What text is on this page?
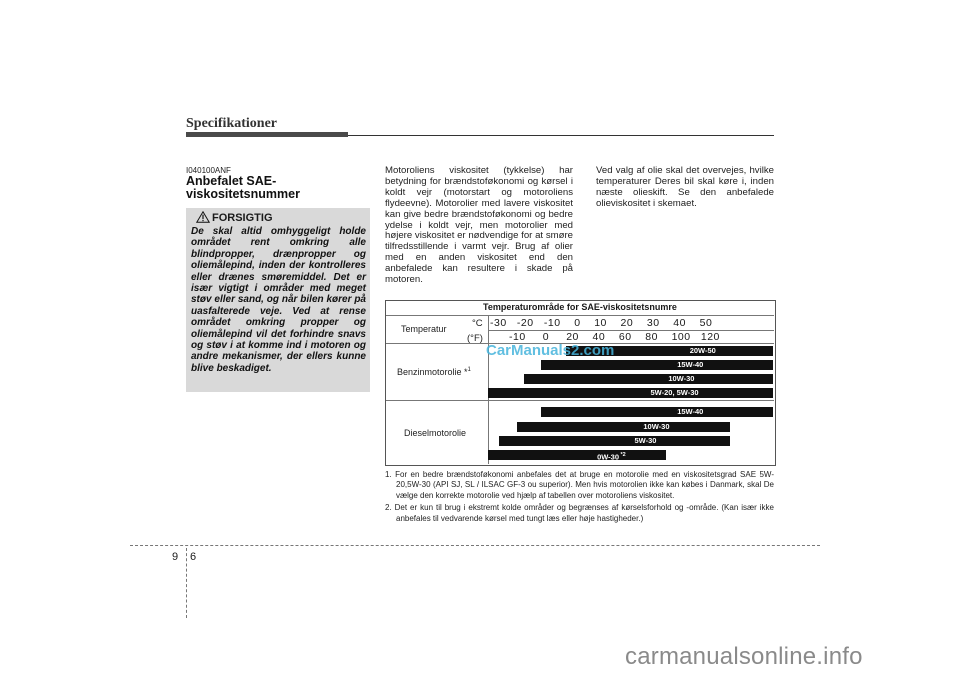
Specifikationer
I040100ANF
Anbefalet SAE-viskositetsnummer
FORSIGTIG
De skal altid omhyggeligt holde området rent omkring alle blindpropper, drænpropper og oliemålepind, inden der kontrolleres eller drænes smøremiddel. Det er især vigtigt i områder med meget støv eller sand, og når bilen kører på uasfalterede veje. Ved at rense området omkring propper og oliemålepind vil det forhindre snavs og støv i at komme ind i motoren og andre mekanismer, der ellers kunne blive beskadiget.
Motoroliens viskositet (tykkelse) har betydning for brændstoføkonomi og kørsel i koldt vejr (motorstart og motoroliens flydeevne). Motorolier med lavere viskositet kan give bedre brændstoføkonomi og bedre ydelse i koldt vejr, men motorolier med højere viskositet er nødvendige for at smøre tilfredsstillende i varmt vejr. Brug af olier med en anden viskositet end den anbefalede kan resultere i skade på motoren.
Ved valg af olie skal det overvejes, hvilke temperaturer Deres bil skal køre i, inden næste olieskift. Se den anbefalede olieviskositet i skemaet.
Temperaturområde for SAE-viskositetsnumre
Temperatur	°C
(°F)
-30   -20   -10    0    10    20    30    40    50
-10     0     20    40    60    80    100   120
Benzinmotorolie *$^1$
Dieselmotorolie
20W-50
15W-40
10W-30
5W-20, 5W-30
15W-40
10W-30
5W-30
0W-30 $^{*2}$
CarManuals2.com
1. For en bedre brændstoføkonomi anbefales det at bruge en motorolie med en viskositetsgrad SAE 5W-20,5W-30 (API SJ, SL / ILSAC GF-3 ou superior). Men hvis motorolien ikke kan købes i Danmark, skal De vælge den korrekte motorolie ved hjælp af tabellen over motoroliens viskositet.
2. Det er kun til brug i ekstremt kolde områder og begrænses af kørselsforhold og -område. (Kan især ikke anbefales til vedvarende kørsel med tungt læs eller høje hastigheder.)
9 6
carmanualsonline.info
